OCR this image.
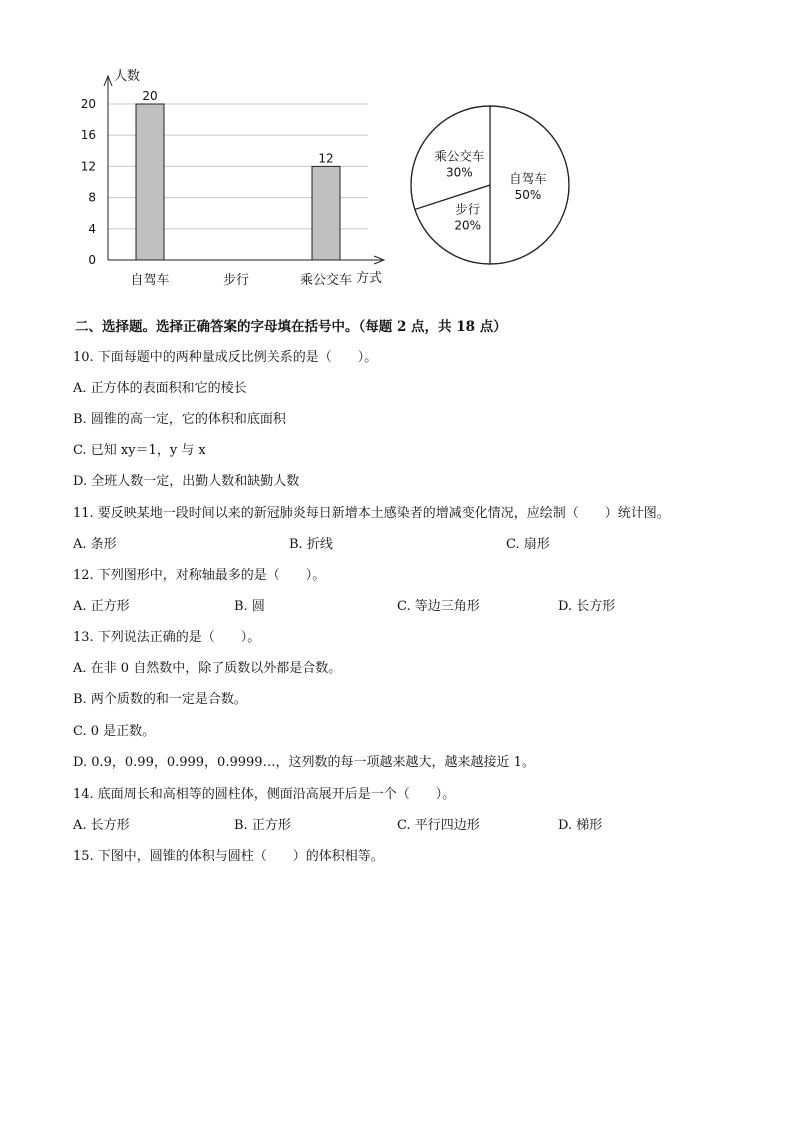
0
4
8
12
16
20
人数
方式
20
自驾车	步行
12
乘公交车
自驾车
50%
步行
20%
乘公交车
30%
二、选择题。选择正确答案的字母填在括号中。（每题 2 点，共 18 点）
10. 下面每题中的两种量成反比例关系的是（　　）。
A. 正方体的表面积和它的棱长
B. 圆锥的高一定，它的体积和底面积
C. 已知 xy＝1，y 与 x
D. 全班人数一定，出勤人数和缺勤人数
11. 要反映某地一段时间以来的新冠肺炎每日新增本土感染者的增减变化情况，应绘制（　　）统计图。
A. 条形	B. 折线	C. 扇形
12. 下列图形中，对称轴最多的是（　　）。
A. 正方形	B. 圆	C. 等边三角形	D. 长方形
13. 下列说法正确的是（　　）。
A. 在非 0 自然数中，除了质数以外都是合数。
B. 两个质数的和一定是合数。
C. 0 是正数。
D. 0.9，0.99，0.999，0.9999…，这列数的每一项越来越大，越来越接近 1。
14. 底面周长和高相等的圆柱体，侧面沿高展开后是一个（　　）。
A. 长方形	B. 正方形	C. 平行四边形	D. 梯形
15. 下图中，圆锥的体积与圆柱（　　）的体积相等。
